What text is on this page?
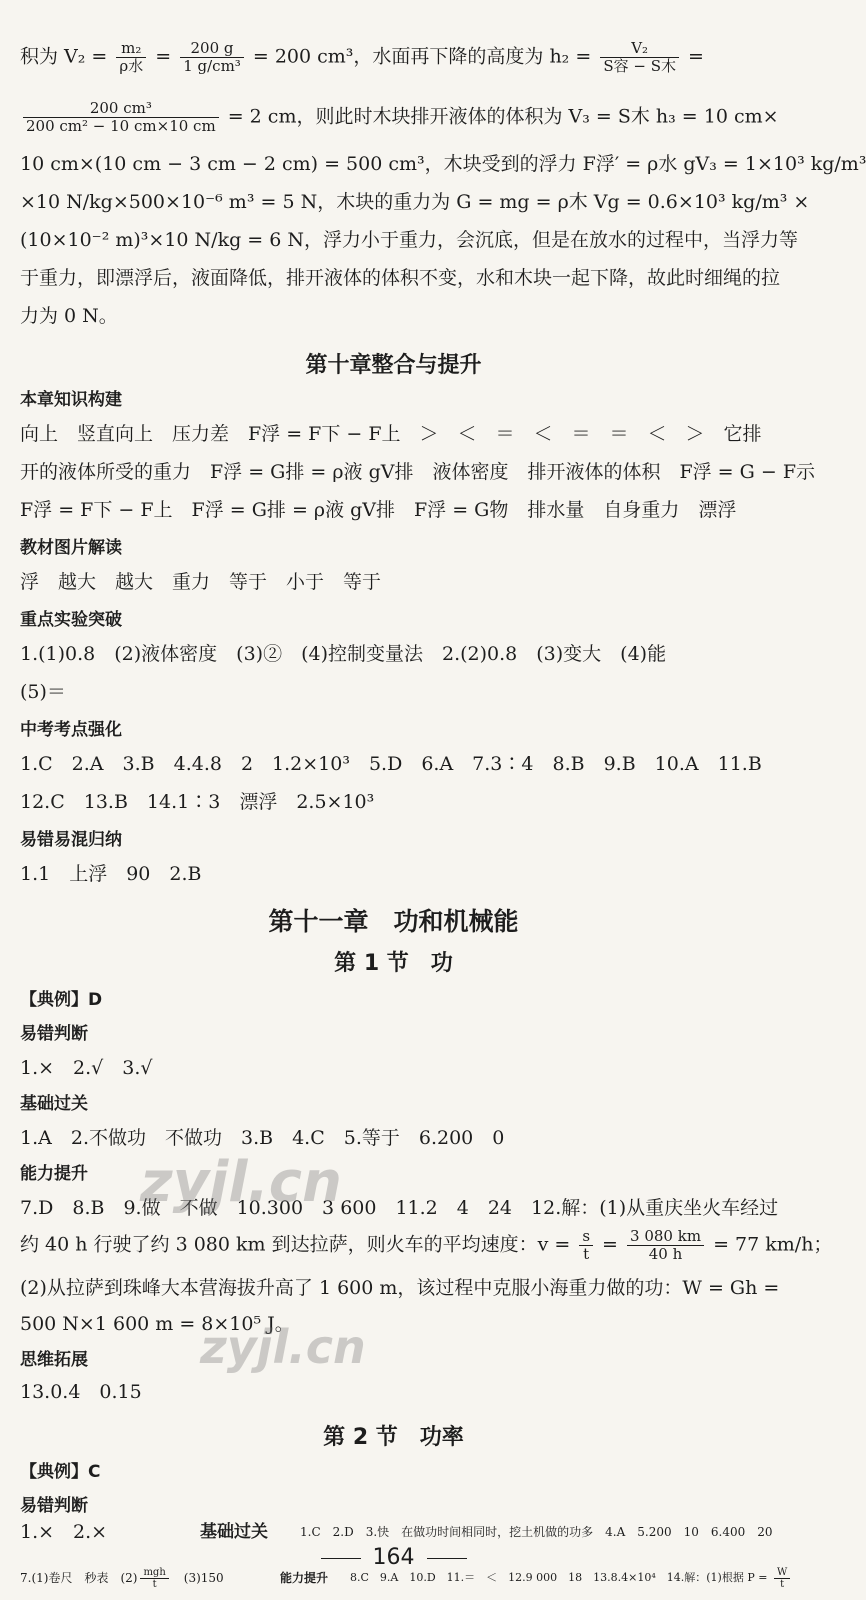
积为 V₂ = m₂
ρ水 = $\frac{200 g}{\text{1 g/cm³}} = 200$ cm³，水面再下降的高度为 h₂ =	V₂
S容 − S木 =
$\frac{\text{200 cm³}}{\text{200 cm² − 10 cm×10 cm}} = 2$ cm，则此时木块排开液体的体积为 V₃ = S木 h₃ = 10 cm×
10 cm×(10 cm − 3 cm − 2 cm) = 500 cm³，木块受到的浮力 F浮′ = ρ水 gV₃ = 1×10³ kg/m³
×10 N/kg×500×10⁻⁶ m³ = 5 N，木块的重力为 G = mg = ρ木 Vg = 0.6×10³ kg/m³ ×
(10×10⁻² m)³×10 N/kg = 6 N，浮力小于重力，会沉底，但是在放水的过程中，当浮力等
于重力，即漂浮后，液面降低，排开液体的体积不变，水和木块一起下降，故此时细绳的拉
力为 0 N。
第十章整合与提升
本章知识构建
向上　竖直向上　压力差　F浮 = F下 − F上　＞　＜　＝　＜　＝　＝　＜　＞　它排
开的液体所受的重力　F浮 = G排 = ρ液 gV排　液体密度　排开液体的体积　F浮 = G − F示
F浮 = F下 − F上　F浮 = G排 = ρ液 gV排　F浮 = G物　排水量　自身重力　漂浮
教材图片解读
浮　越大　越大　重力　等于　小于　等于
重点实验突破
1.(1)0.8　(2)液体密度　(3)②　(4)控制变量法　2.(2)0.8　(3)变大　(4)能
(5)＝
中考考点强化
1.C　2.A　3.B　4.4.8　2　1.2×10³　5.D　6.A　7.3∶4　8.B　9.B　10.A　11.B
12.C　13.B　14.1∶3　漂浮　2.5×10³
易错易混归纳
1.1　上浮　90　2.B
第十一章　功和机械能
第 1 节　功
【典例】D
易错判断
1.×　2.√　3.√
基础过关
1.A　2.不做功　不做功　3.B　4.C　5.等于　6.200　0
能力提升
7.D　8.B　9.做　不做　10.300　3 600　11.2　4　24　12.解：(1)从重庆坐火车经过
约 40 h 行驶了约 3 080 km 到达拉萨，则火车的平均速度：$v = \frac{s}{t} = \frac{3 080 km}{40 h} = 77$ km/h；
(2)从拉萨到珠峰大本营海拔升高了 1 600 m，该过程中克服小海重力做的功：W = Gh =
500 N×1 600 m = 8×10⁵ J。
思维拓展
13.0.4　0.15
第 2 节　功率
【典例】C
易错判断
1.×　2.×	基础过关	1.C　2.D　3.快　在做功时间相同时，挖土机做的功多　4.A　5.200　10　6.400　20
7.(1)卷尺　秒表　(2) mgh
t	　(3)150	能力提升 8.C　9.A　10.D　11.＝　＜　12.9 000　18　13.8.4×10⁴　14.解：(1)根据 $P = \frac{W}{t}$
164
zyjl.cn
zyjl.cn
